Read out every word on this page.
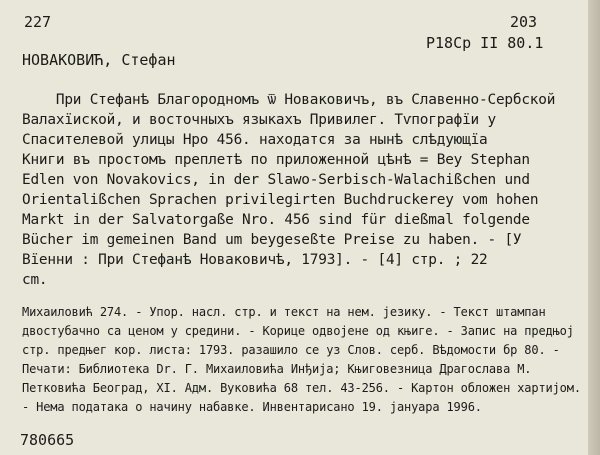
227	203
Р18Ср II 80.1
НОВАКОВИЋ, Стефан
При Стефанѣ Благородномъ ѿ Новаковичъ, въ Славенно-Сербской
Валахїиской, и восточныхъ языкахъ Привилег. Тѵпографїи у
Спасителевой улицы Нро 456. находатся за нынѣ слѣдующїа
Книги въ простомъ преплетѣ по приложенной цѣнѣ = Bey Stephan
Edlen von Novakovics, in der Slawo-Serbisch-Walachißchen und
Orientalißchen Sprachen privilegirten Buchdruckerey vom hohen
Markt in der Salvatorgaße Nro. 456 sind für dießmal folgende
Bücher im gemeinen Band um beygeseßte Preise zu haben. - [У
Вїенни : При Стефанѣ Новаковичѣ, 1793]. - [4] стр. ; 22
cm.
Михаиловић 274. - Упор. насл. стр. и текст на нем. језику. - Текст штампан
двостубачно са ценом у средини. - Корице одвојене од књиге. - Запис на предњој
стр. предњег кор. листа: 1793. разашило се уз Слов. серб. Вѣдомости бр 80. -
Печати: Библиотека Dr. Г. Михаиловића Инђија; Књиговезница Драгослава М.
Петковића Београд, XI. Адм. Вуковића 68 тел. 43-256. - Картон обложен хартијом.
- Нема података о начину набавке. Инвентарисано 19. јануара 1996.
780665
